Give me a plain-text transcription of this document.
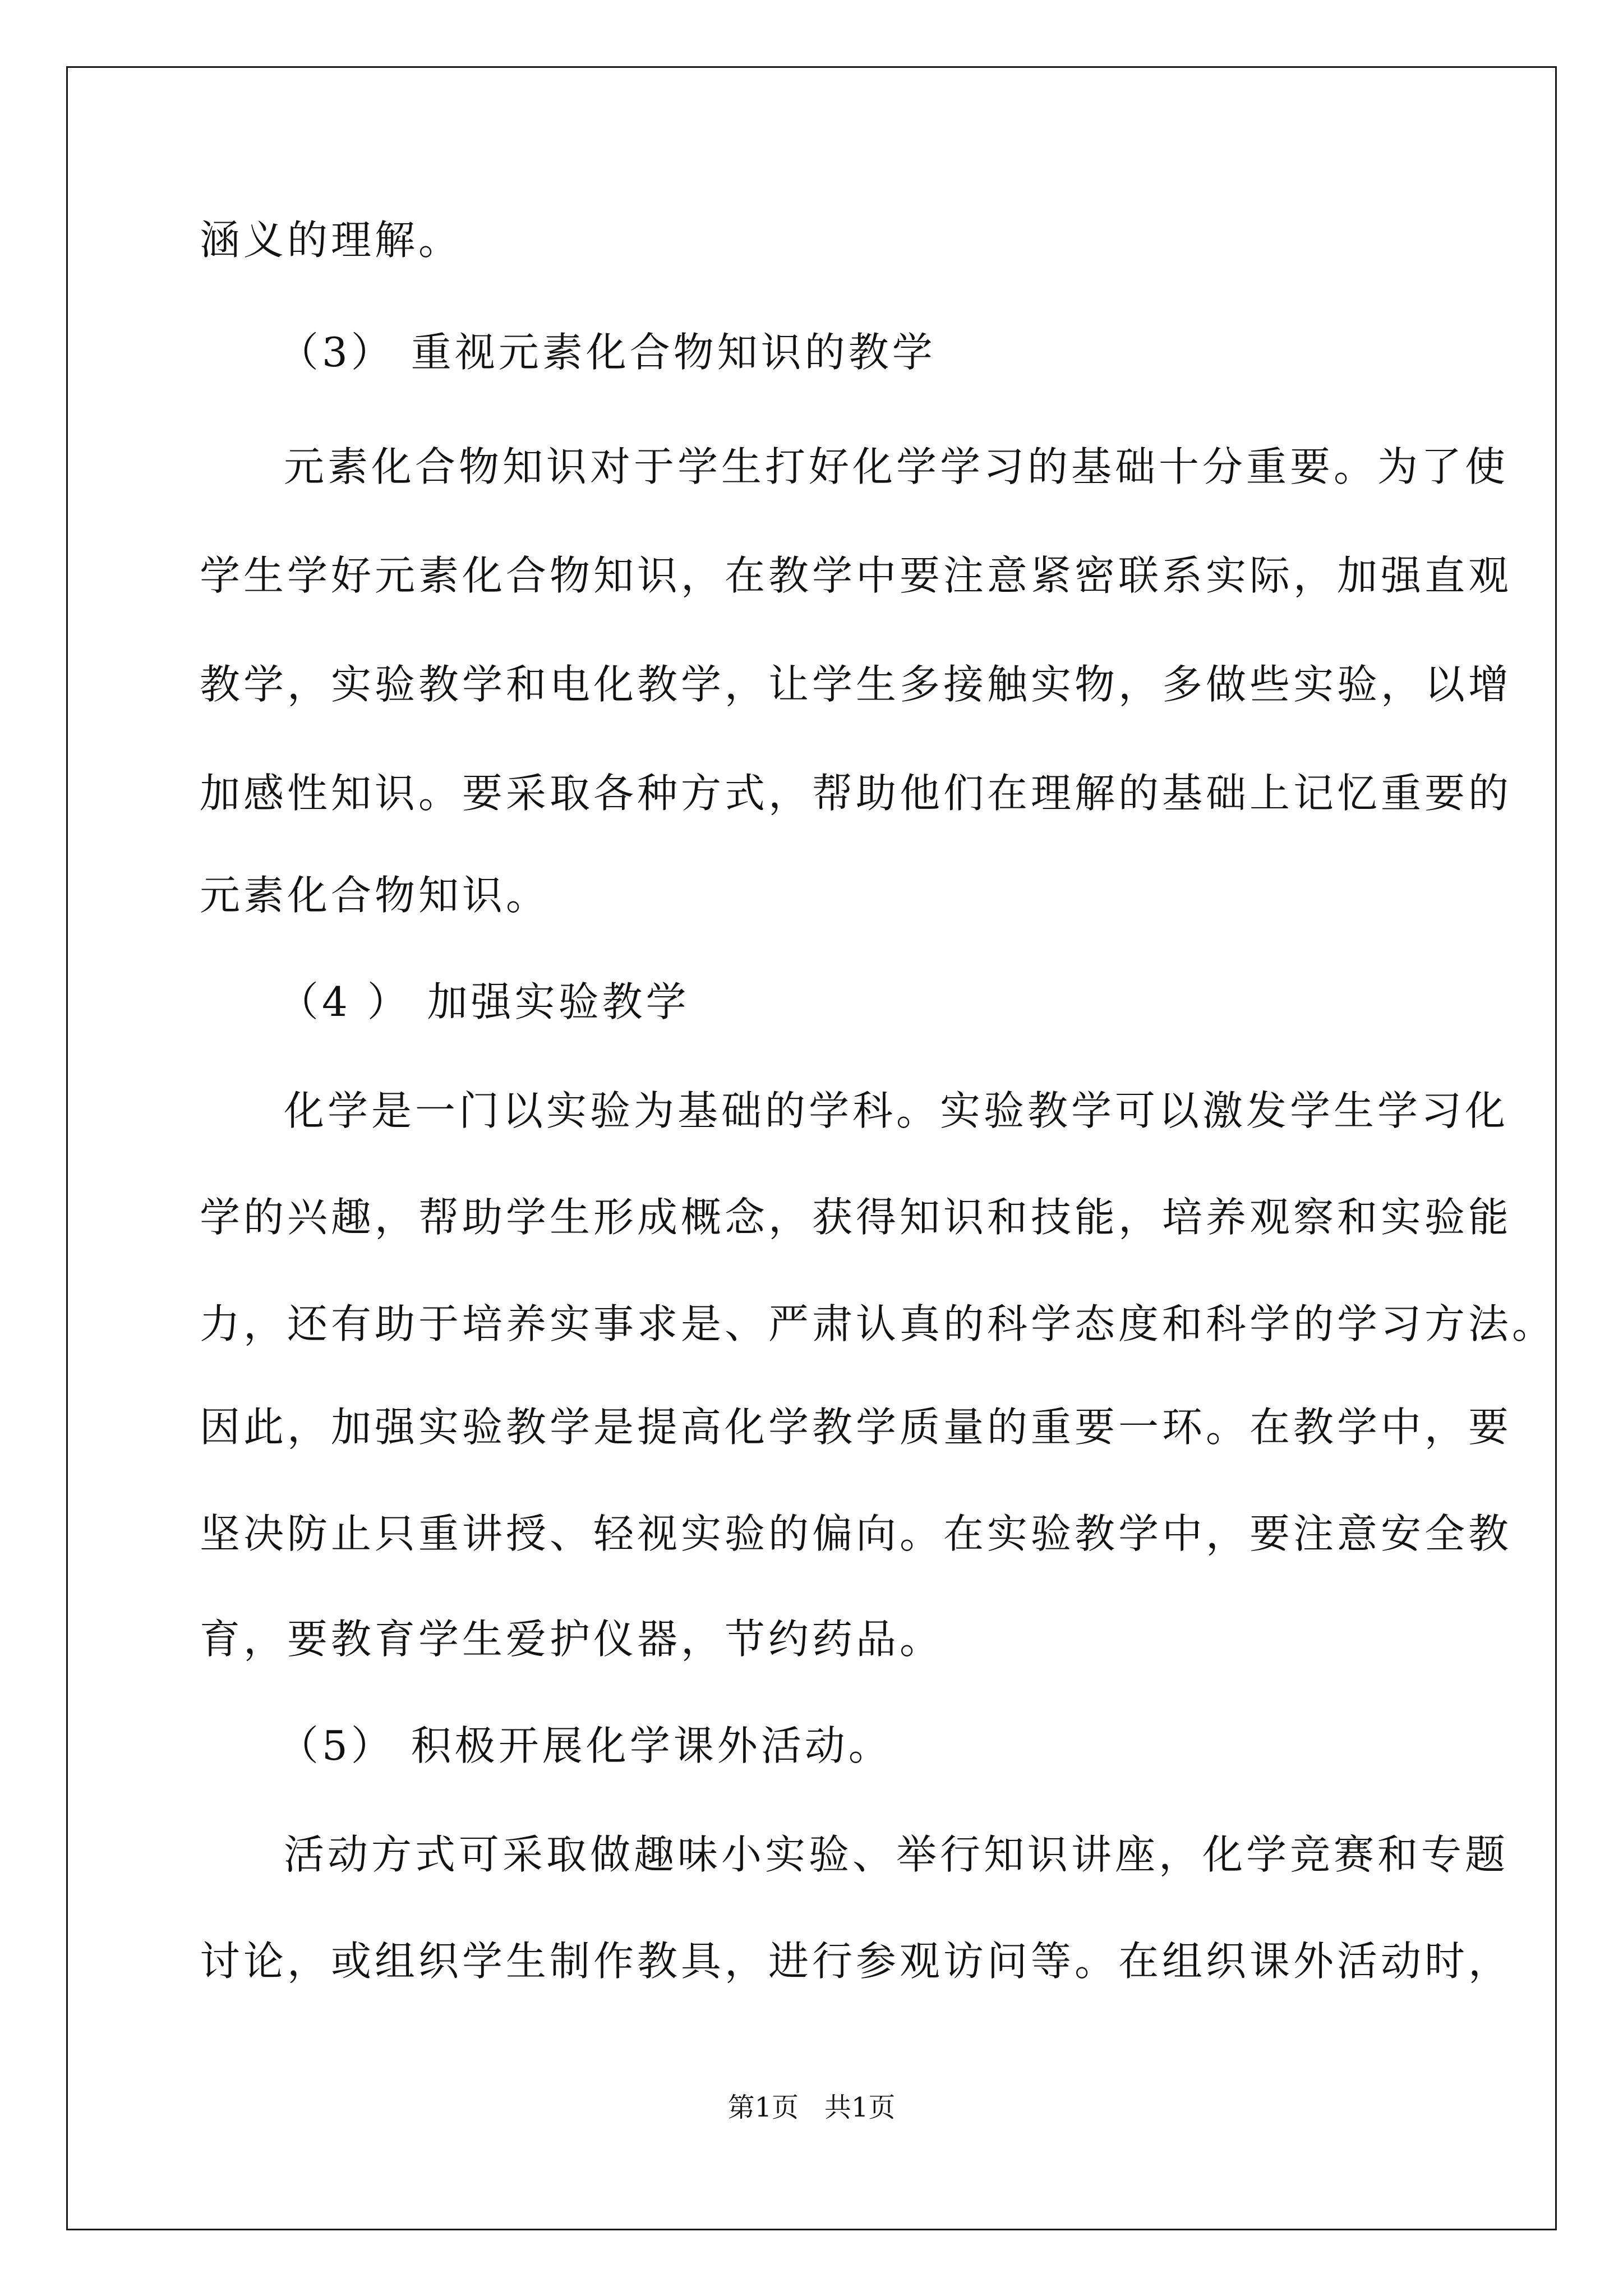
涵义的理解。
（3） 重视元素化合物知识的教学
元素化合物知识对于学生打好化学学习的基础十分重要。为了使
学生学好元素化合物知识，在教学中要注意紧密联系实际，加强直观
教学，实验教学和电化教学，让学生多接触实物，多做些实验，以增
加感性知识。要采取各种方式，帮助他们在理解的基础上记忆重要的
元素化合物知识。
（4 ） 加强实验教学
化学是一门以实验为基础的学科。实验教学可以激发学生学习化
学的兴趣，帮助学生形成概念，获得知识和技能，培养观察和实验能
力，还有助于培养实事求是、严肃认真的科学态度和科学的学习方法。
因此，加强实验教学是提高化学教学质量的重要一环。在教学中，要
坚决防止只重讲授、轻视实验的偏向。在实验教学中，要注意安全教
育，要教育学生爱护仪器，节约药品。
（5） 积极开展化学课外活动。
活动方式可采取做趣味小实验、举行知识讲座，化学竞赛和专题
讨论，或组织学生制作教具，进行参观访问等。在组织课外活动时，
第1页   共1页
